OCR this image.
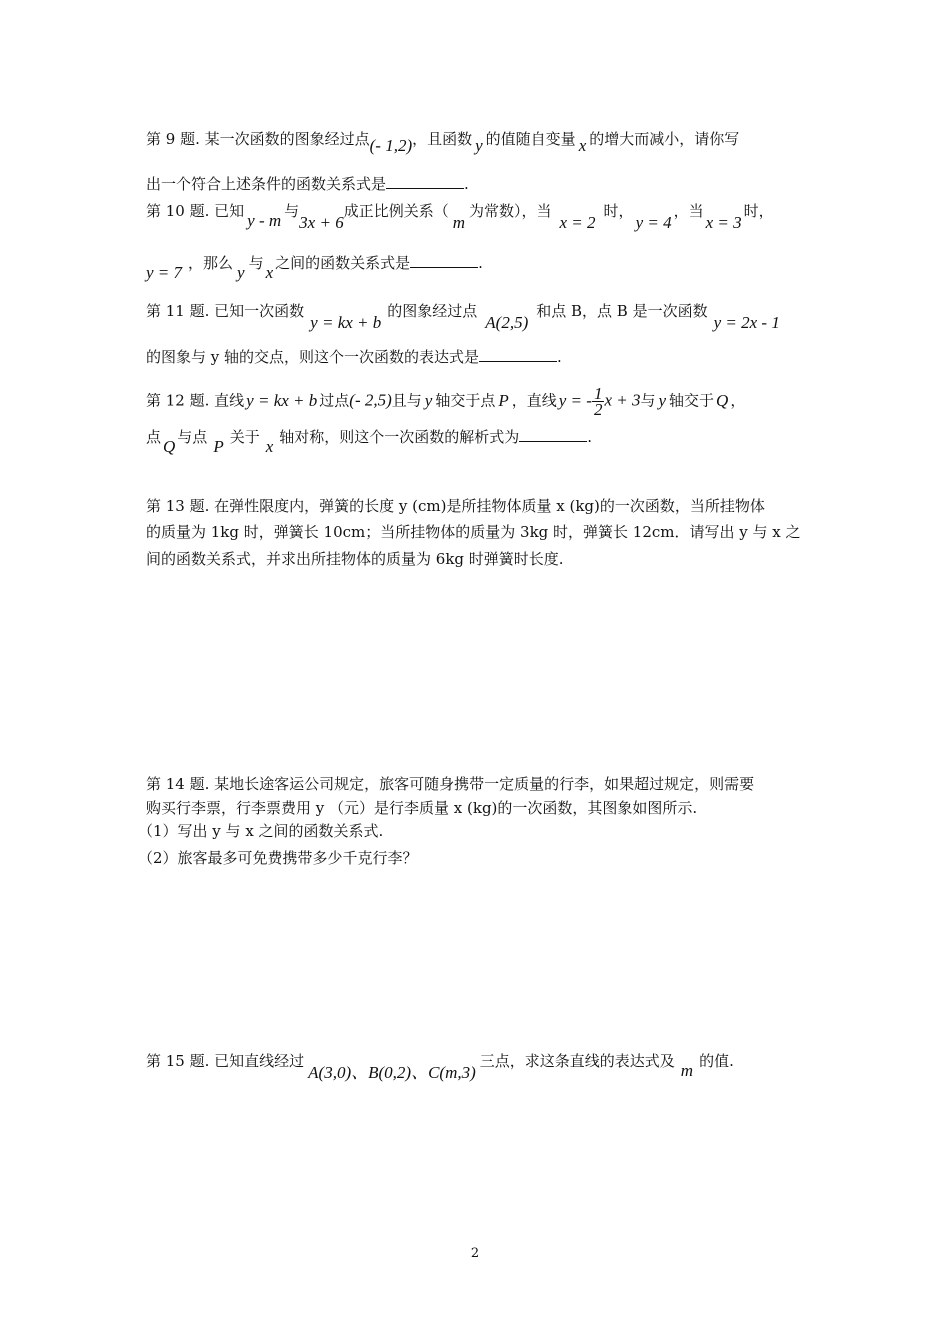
第 9 题. 某一次函数的图象经过点(- 1,2)，且函数 y 的值随自变量 x 的增大而减小，请你写
出一个符合上述条件的函数关系式是	.
第 10 题. 已知 y - m 与3x + 6成正比例关系（m为常数），当x = 2时，y = 4，当x = 3时，
y = 7 ，那么 y 与 x 之间的函数关系式是	.
第 11 题. 已知一次函数y = kx + b的图象经过点A(2,5)和点 B，点 B 是一次函数y = 2x - 1
的图象与 y 轴的交点，则这个一次函数的表达式是	.
第 12 题. 直线 y = kx + b 过点(- 2,5)且与 y 轴交于点 P ，直线 y = - $\frac{1}{2}$ x + 3与 y 轴交于 Q ，
点 Q 与点 P 关于 x 轴对称，则这个一次函数的解析式为	.
第 13 题. 在弹性限度内，弹簧的长度 y (cm)是所挂物体质量 x (kg)的一次函数，当所挂物体
的质量为 1kg 时，弹簧长 10cm；当所挂物体的质量为 3kg 时，弹簧长 12cm．请写出 y 与 x 之
间的函数关系式，并求出所挂物体的质量为 6kg 时弹簧时长度.
第 14 题. 某地长途客运公司规定，旅客可随身携带一定质量的行李，如果超过规定，则需要
购买行李票，行李票费用 y （元）是行李质量 x (kg)的一次函数，其图象如图所示.
（1）写出 y 与 x 之间的函数关系式.
（2）旅客最多可免费携带多少千克行李？
第 15 题. 已知直线经过A(3,0)、B(0,2)、C(m,3)三点，求这条直线的表达式及 m 的值.
2
